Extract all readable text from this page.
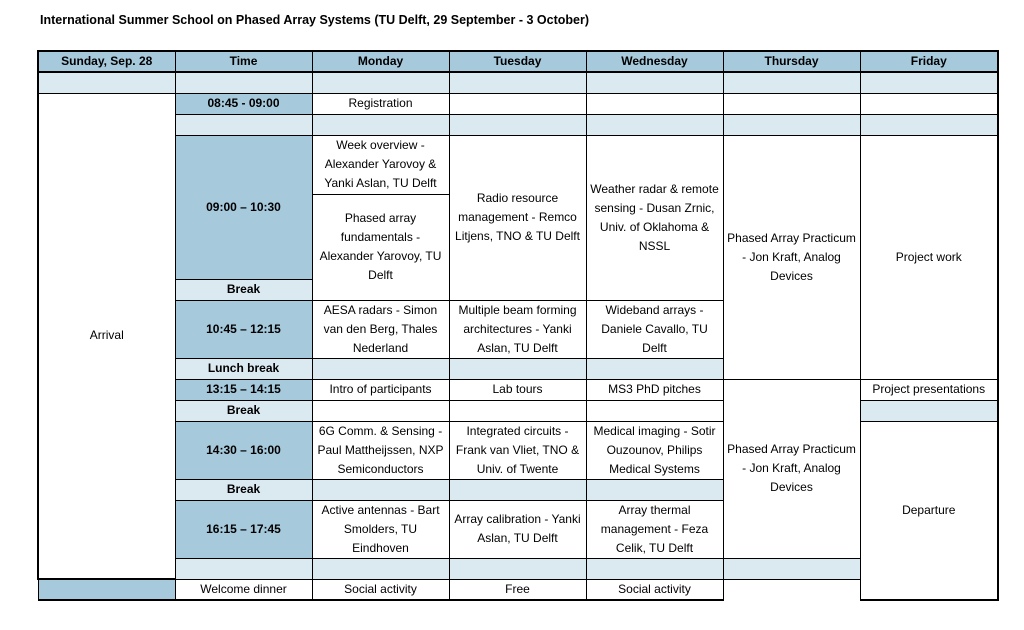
International Summer School on Phased Array Systems (TU Delft, 29 September - 3 October)
Sunday, Sep. 28	Time	Monday	Tuesday	Wednesday	Thursday	Friday	

Arrival	08:45 - 09:00	Registration					

	09:00 – 10:30	Week overview - Alexander Yarovoy & Yanki Aslan, TU Delft	Radio resource management - Remco Litjens, TNO & TU Delft	Weather radar & remote sensing - Dusan Zrnic, Univ. of Oklahoma & NSSL	Phased Array Practicum - Jon Kraft, Analog Devices	Project work	

		Phased array fundamentals - Alexander Yarovoy, TU Delft					

	Break						
	10:45 – 12:15	AESA radars - Simon van den Berg, Thales Nederland	Multiple beam forming architectures - Yanki Aslan, TU Delft	Wideband arrays - Daniele Cavallo, TU Delft			

	Lunch break						
	13:15 – 14:15	Intro of participants	Lab tours	MS3 PhD pitches	Phased Array Practicum - Jon Kraft, Analog Devices	Project presentations	
	Break						
	14:30 – 16:00	6G Comm. & Sensing - Paul Mattheijssen, NXP Semiconductors	Integrated circuits - Frank van Vliet, TNO & Univ. of Twente	Medical imaging - Sotir Ouzounov, Philips Medical Systems		Departure	

	Break						
	16:15 – 17:45	Active antennas - Bart Smolders, TU Eindhoven	Array calibration - Yanki Aslan, TU Delft	Array thermal management - Feza Celik, TU Delft			

	Welcome dinner	Social activity	Free	Social activity			
